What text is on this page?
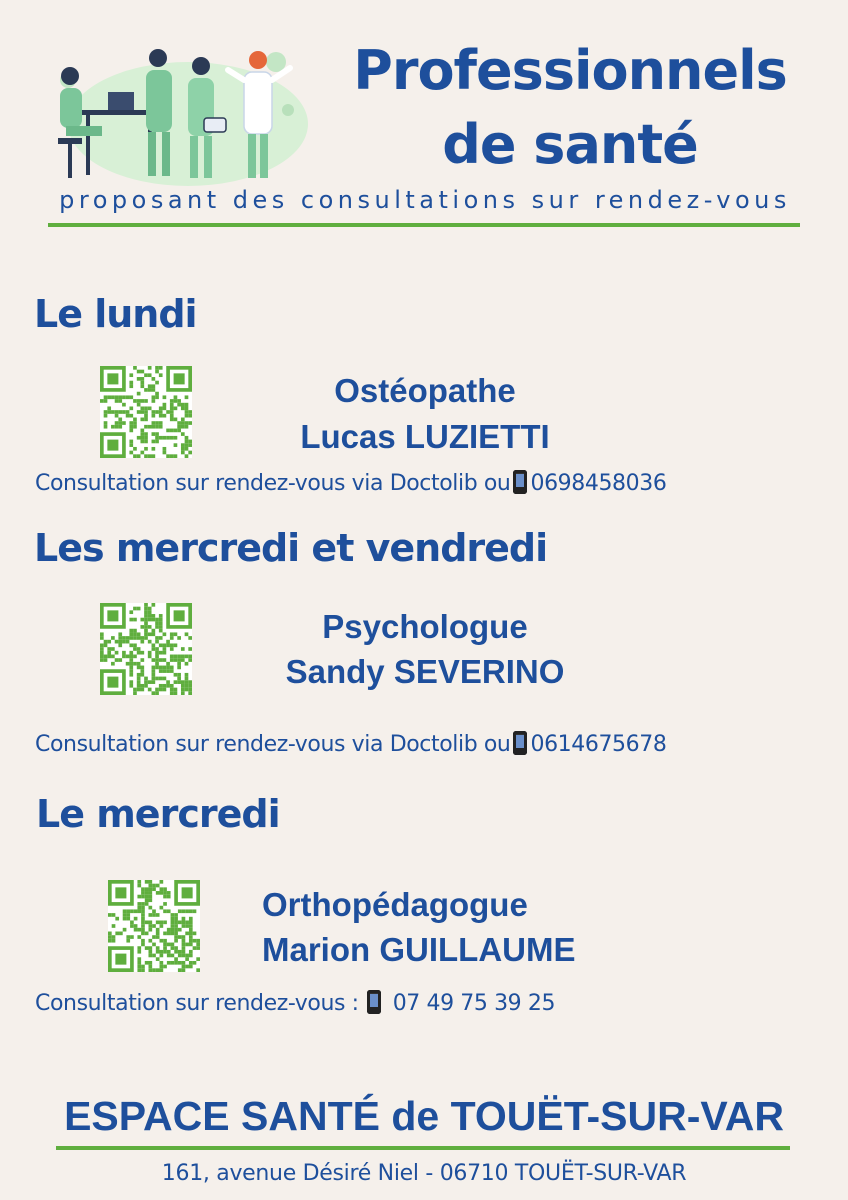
Professionnels
de santé
proposant des consultations sur rendez-vous
Le lundi
Ostéopathe
Lucas LUZIETTI
Consultation sur rendez-vous via Doctolib ou 0698458036
Les mercredi et vendredi
Psychologue
Sandy SEVERINO
Consultation sur rendez-vous via Doctolib ou 0614675678
Le mercredi
Orthopédagogue
Marion GUILLAUME
Consultation sur rendez-vous : 07 49 75 39 25
ESPACE SANTÉ de TOUËT-SUR-VAR
161, avenue Désiré Niel - 06710 TOUËT-SUR-VAR
